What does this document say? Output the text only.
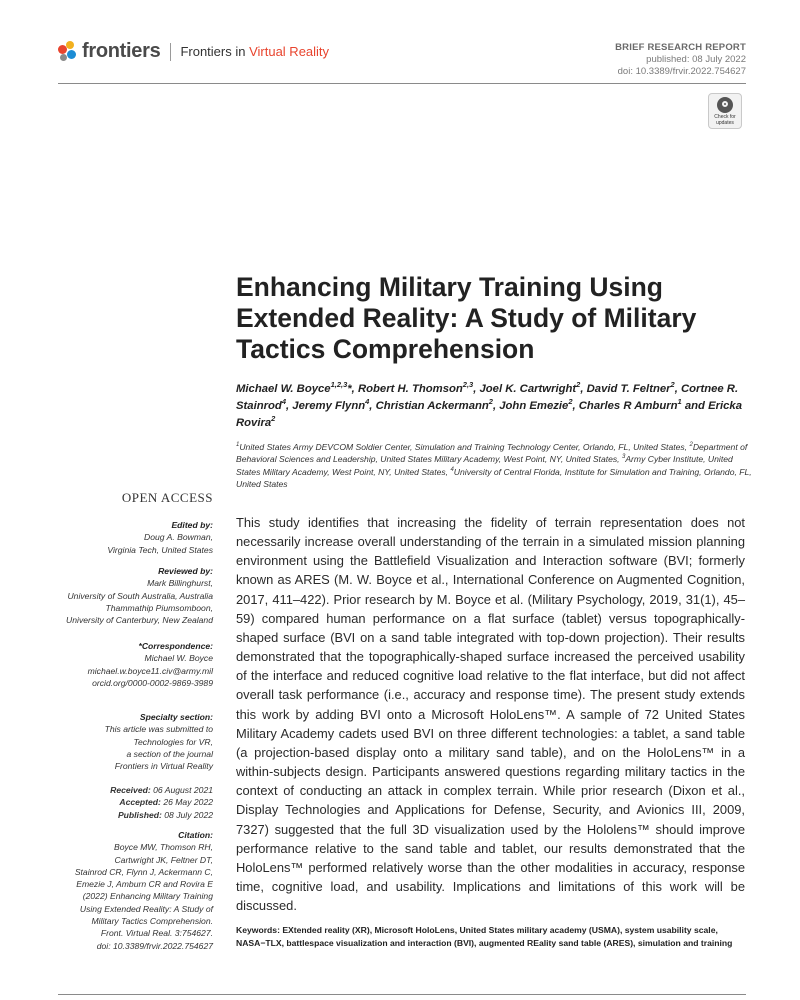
frontiers Frontiers in Virtual Reality	BRIEF RESEARCH REPORT
published: 08 July 2022
doi: 10.3389/frvir.2022.754627
Check for updates
Enhancing Military Training Using Extended Reality: A Study of Military Tactics Comprehension
Michael W. Boyce$^{1,2,3}$*, Robert H. Thomson$^{2,3}$, Joel K. Cartwright$^2$, David T. Feltner$^2$, Cortnee R. Stainrod$^4$, Jeremy Flynn$^4$, Christian Ackermann$^2$, John Emezie$^2$, Charles R Amburn$^1$ and Ericka Rovira$^2$
$^1$United States Army DEVCOM Soldier Center, Simulation and Training Technology Center, Orlando, FL, United States, $^2$Department of Behavioral Sciences and Leadership, United States Military Academy, West Point, NY, United States, $^3$Army Cyber Institute, United States Military Academy, West Point, NY, United States, $^4$University of Central Florida, Institute for Simulation and Training, Orlando, FL, United States
OPEN ACCESS
Edited by:
Doug A. Bowman,
Virginia Tech, United States
Reviewed by:
Mark Billinghurst,
University of South Australia, Australia
Thammathip Piumsomboon,
University of Canterbury, New Zealand
*Correspondence:
Michael W. Boyce
michael.w.boyce11.civ@army.mil
orcid.org/0000-0002-9869-3989
Specialty section:
This article was submitted to
Technologies for VR,
a section of the journal
Frontiers in Virtual Reality
Received: 06 August 2021
Accepted: 26 May 2022
Published: 08 July 2022
Citation:
Boyce MW, Thomson RH,
Cartwright JK, Feltner DT,
Stainrod CR, Flynn J, Ackermann C,
Emezie J, Amburn CR and Rovira E
(2022) Enhancing Military Training
Using Extended Reality: A Study of
Military Tactics Comprehension.
Front. Virtual Real. 3:754627.
doi: 10.3389/frvir.2022.754627

This study identifies that increasing the fidelity of terrain representation does not necessarily increase overall understanding of the terrain in a simulated mission planning environment using the Battlefield Visualization and Interaction software (BVI; formerly known as ARES (M. W. Boyce et al., International Conference on Augmented Cognition, 2017, 411–422). Prior research by M. Boyce et al. (Military Psychology, 2019, 31(1), 45–59) compared human performance on a flat surface (tablet) versus topographically-shaped surface (BVI on a sand table integrated with top-down projection). Their results demonstrated that the topographically-shaped surface increased the perceived usability of the interface and reduced cognitive load relative to the flat interface, but did not affect overall task performance (i.e., accuracy and response time). The present study extends this work by adding BVI onto a Microsoft HoloLens™. A sample of 72 United States Military Academy cadets used BVI on three different technologies: a tablet, a sand table (a projection-based display onto a military sand table), and on the HoloLens™ in a within-subjects design. Participants answered questions regarding military tactics in the context of conducting an attack in complex terrain. While prior research (Dixon et al., Display Technologies and Applications for Defense, Security, and Avionics III, 2009, 7327) suggested that the full 3D visualization used by the Hololens™ should improve performance relative to the sand table and tablet, our results demonstrated that the HoloLens™ performed relatively worse than the other modalities in accuracy, response time, cognitive load, and usability. Implications and limitations of this work will be discussed.

Keywords: EXtended reality (XR), Microsoft HoloLens, United States military academy (USMA), system usability scale, NASA−TLX, battlespace visualization and interaction (BVI), augmented REality sand table (ARES), simulation and training
